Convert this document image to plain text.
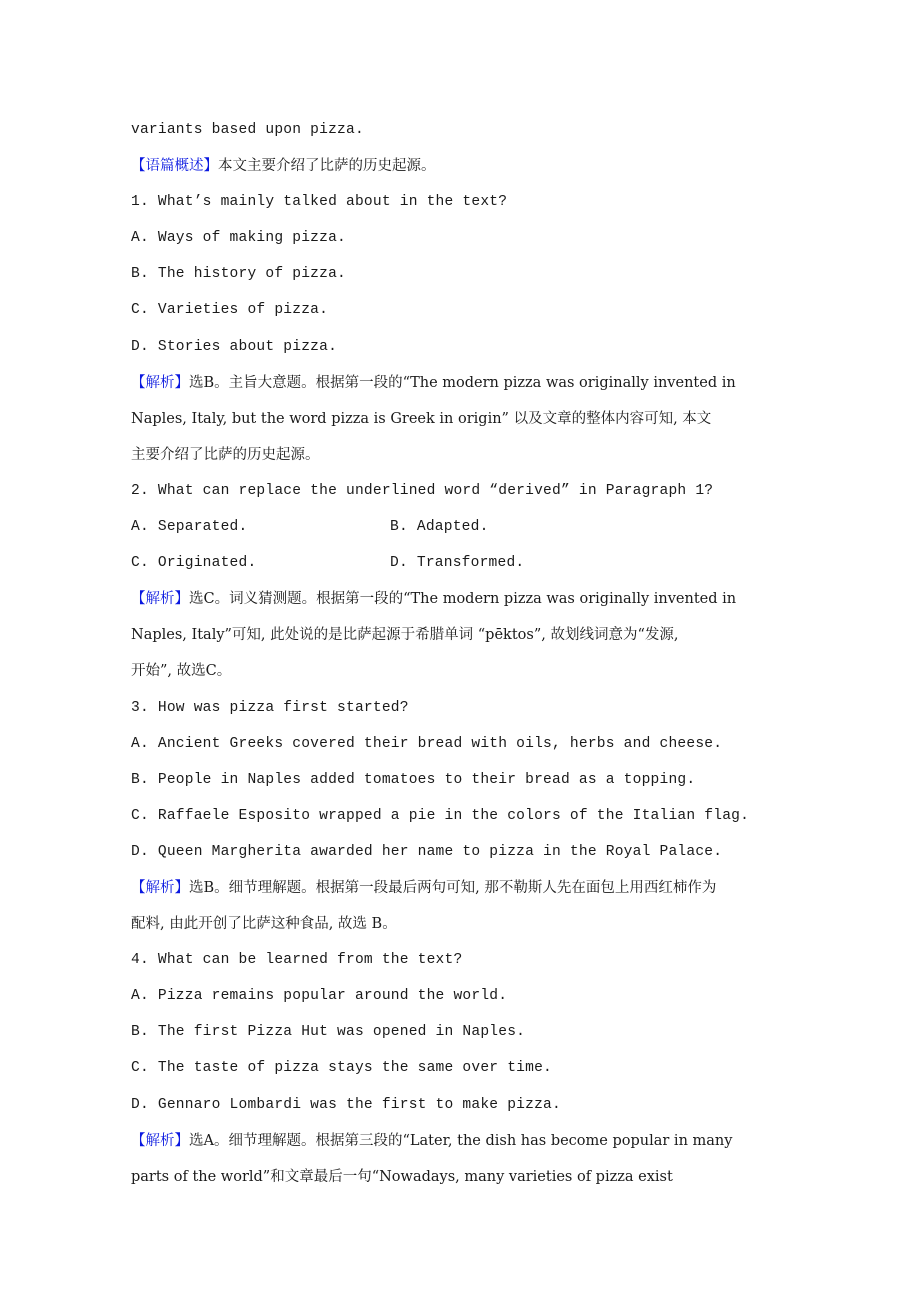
variants based upon pizza.
【语篇概述】本文主要介绍了比萨的历史起源。
1. What’s mainly talked about in the text?
A. Ways of making pizza.
B. The history of pizza.
C. Varieties of pizza.
D. Stories about pizza.
【解析】选B。主旨大意题。根据第一段的“The modern pizza was originally invented in
Naples, Italy, but the word pizza is Greek in origin” 以及文章的整体内容可知, 本文
主要介绍了比萨的历史起源。
2. What can replace the underlined word “derived” in Paragraph 1?
A. Separated.	B. Adapted.
C. Originated.	D. Transformed.
【解析】选C。词义猜测题。根据第一段的“The modern pizza was originally invented in
Naples, Italy”可知, 此处说的是比萨起源于希腊单词 “pēktos”, 故划线词意为“发源,
开始”, 故选C。
3. How was pizza first started?
A. Ancient Greeks covered their bread with oils, herbs and cheese.
B. People in Naples added tomatoes to their bread as a topping.
C. Raffaele Esposito wrapped a pie in the colors of the Italian flag.
D. Queen Margherita awarded her name to pizza in the Royal Palace.
【解析】选B。细节理解题。根据第一段最后两句可知, 那不勒斯人先在面包上用西红柿作为
配料, 由此开创了比萨这种食品, 故选 B。
4. What can be learned from the text?
A. Pizza remains popular around the world.
B. The first Pizza Hut was opened in Naples.
C. The taste of pizza stays the same over time.
D. Gennaro Lombardi was the first to make pizza.
【解析】选A。细节理解题。根据第三段的“Later, the dish has become popular in many
parts of the world”和文章最后一句“Nowadays, many varieties of pizza exist
